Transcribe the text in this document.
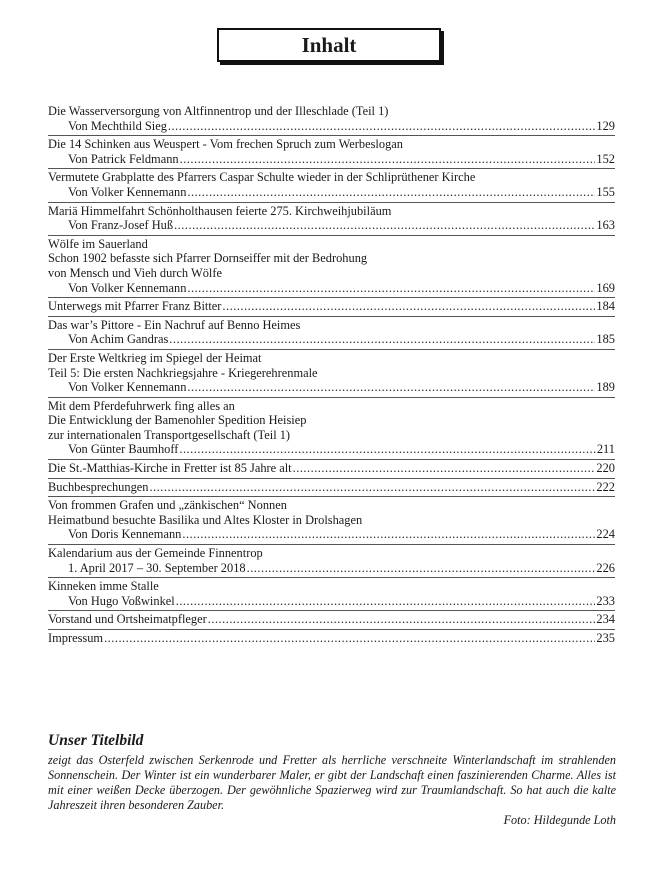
Inhalt
Die Wasserversorgung von Altfinnentrop und der Illeschlade (Teil 1)
Von Mechthild Sieg .....	129
Die 14 Schinken aus Weuspert - Vom frechen Spruch zum Werbeslogan
Von Patrick Feldmann .....	152
Vermutete Grabplatte des Pfarrers Caspar Schulte wieder in der Schliprüthener Kirche
Von Volker Kennemann .....	155
Mariä Himmelfahrt Schönholthausen feierte 275. Kirchweihjubiläum
Von Franz-Josef Huß .....	163
Wölfe im Sauerland
Schon 1902 befasste sich Pfarrer Dornseiffer mit der Bedrohung
von Mensch und Vieh durch Wölfe
Von Volker Kennemann .....	169
Unterwegs mit Pfarrer Franz Bitter .....	184
Das war’s Pittore - Ein Nachruf auf Benno Heimes
Von Achim Gandras .....	185
Der Erste Weltkrieg im Spiegel der Heimat
Teil 5: Die ersten Nachkriegsjahre - Kriegerehrenmale
Von Volker Kennemann .....	189
Mit dem Pferdefuhrwerk fing alles an
Die Entwicklung der Bamenohler Spedition Heisiep
zur internationalen Transportgesellschaft (Teil 1)
Von Günter Baumhoff .....	211
Die St.-Matthias-Kirche in Fretter ist 85 Jahre alt .....	220
Buchbesprechungen .....	222
Von frommen Grafen und „zänkischen“ Nonnen
Heimatbund besuchte Basilika und Altes Kloster in Drolshagen
Von Doris Kennemann .....	224
Kalendarium aus der Gemeinde Finnentrop
1. April 2017 – 30. September 2018 .....	226
Kinneken imme Stalle
Von Hugo Voßwinkel .....	233
Vorstand und Ortsheimatpfleger .....	234
Impressum .....	235
Unser Titelbild
zeigt das Osterfeld zwischen Serkenrode und Fretter als herrliche verschneite Winterlandschaft im strahlenden Sonnenschein. Der Winter ist ein wunderbarer Maler, er gibt der Landschaft einen faszinierenden Charme. Alles ist mit einer weißen Decke überzogen. Der gewöhnliche Spazierweg wird zur Traumlandschaft. So hat auch die kalte Jahreszeit ihren besonderen Zauber.
Foto: Hildegunde Loth
